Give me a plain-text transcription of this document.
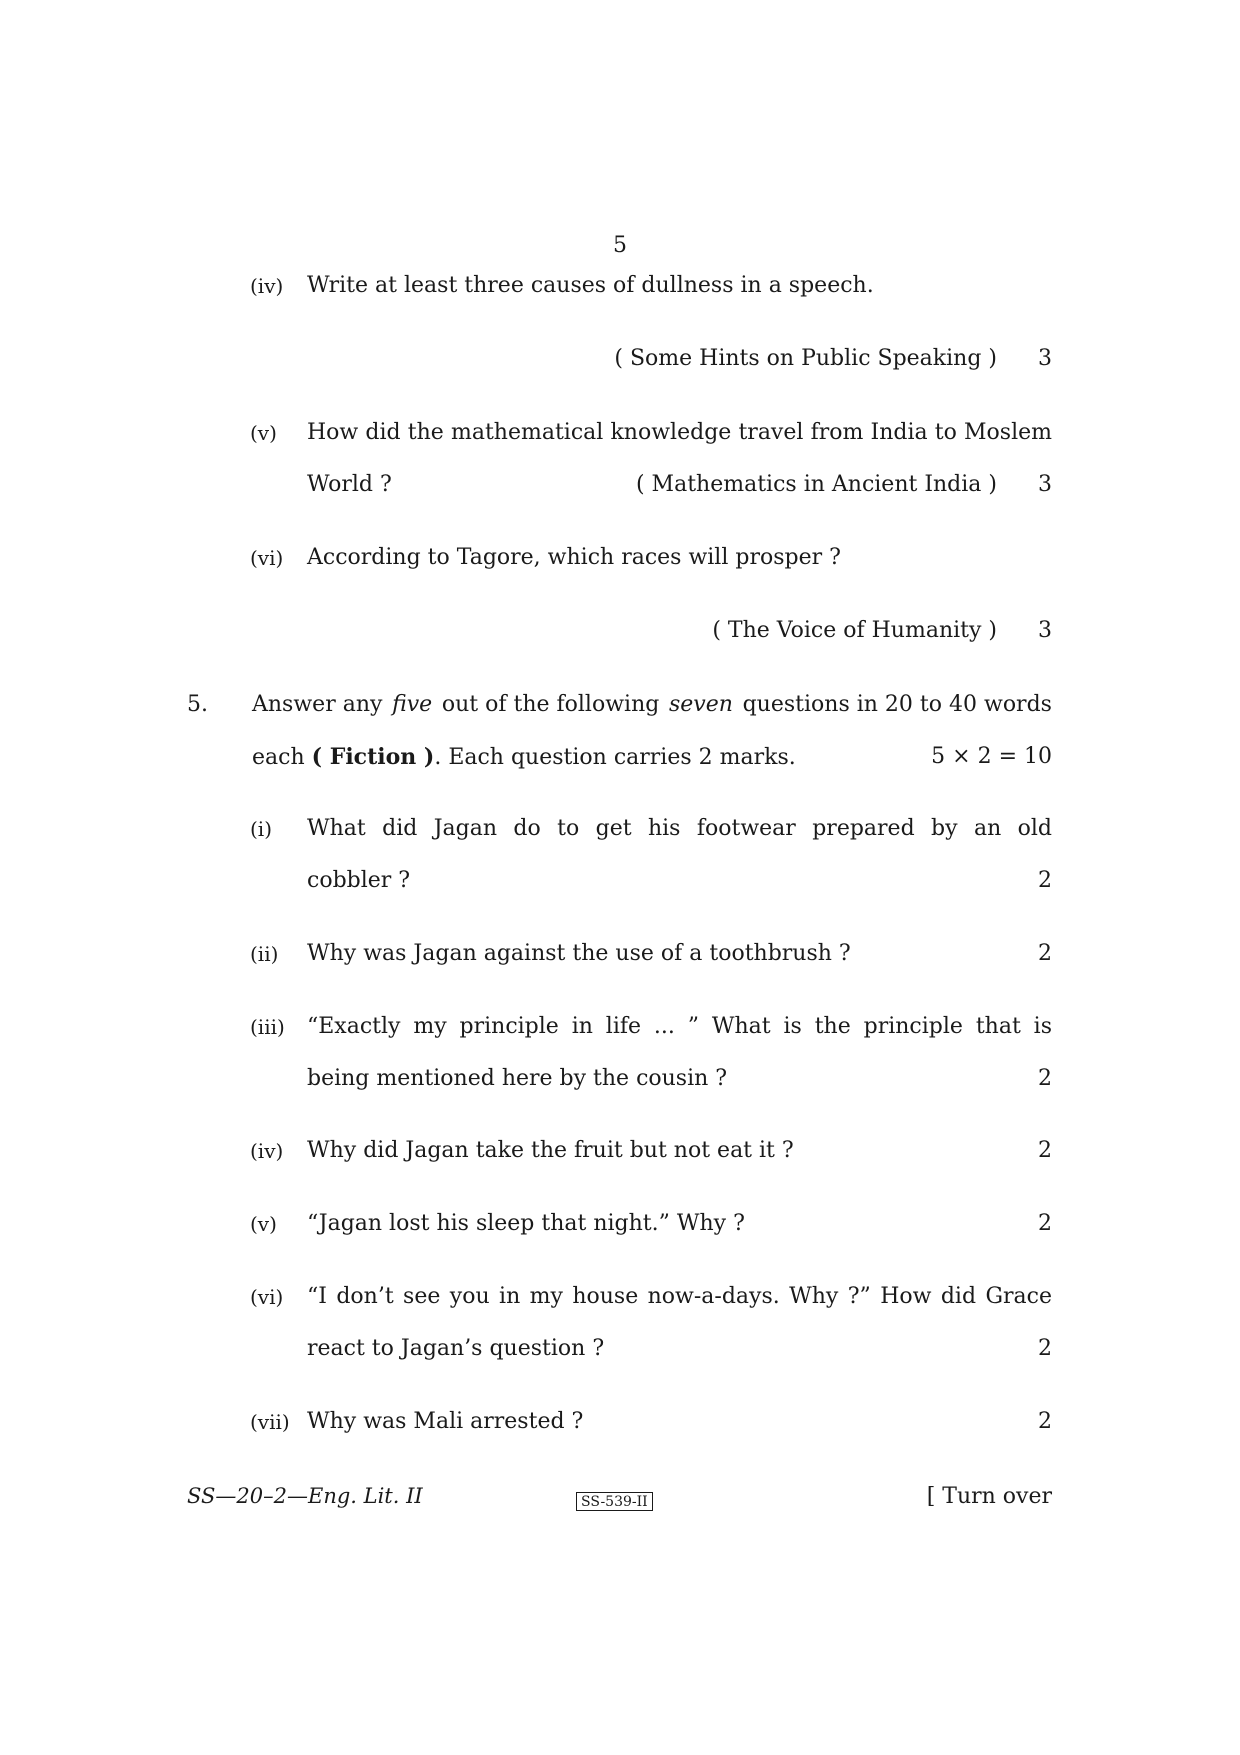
5
(iv) Write at least three causes of dullness in a speech.
( Some Hints on Public Speaking )	3
(v) How did the mathematical knowledge travel from India to Moslem
World ?	( Mathematics in Ancient India )	3
(vi) According to Tagore, which races will prosper ?
( The Voice of Humanity )	3
5. Answer any five out of the following seven questions in 20 to 40 words
each ( Fiction ). Each question carries 2 marks.	5 × 2 = 10
(i) What did Jagan do to get his footwear prepared by an old
cobbler ?	2
(ii) Why was Jagan against the use of a toothbrush ?	2
(iii) “Exactly my principle in life ... ” What is the principle that is
being mentioned here by the cousin ?	2
(iv) Why did Jagan take the fruit but not eat it ?	2
(v) “Jagan lost his sleep that night.” Why ?	2
(vi) “I don’t see you in my house now-a-days. Why ?” How did Grace
react to Jagan’s question ?	2
(vii) Why was Mali arrested ?	2
SS—20–2—Eng. Lit. II	SS-539-II	[ Turn over
